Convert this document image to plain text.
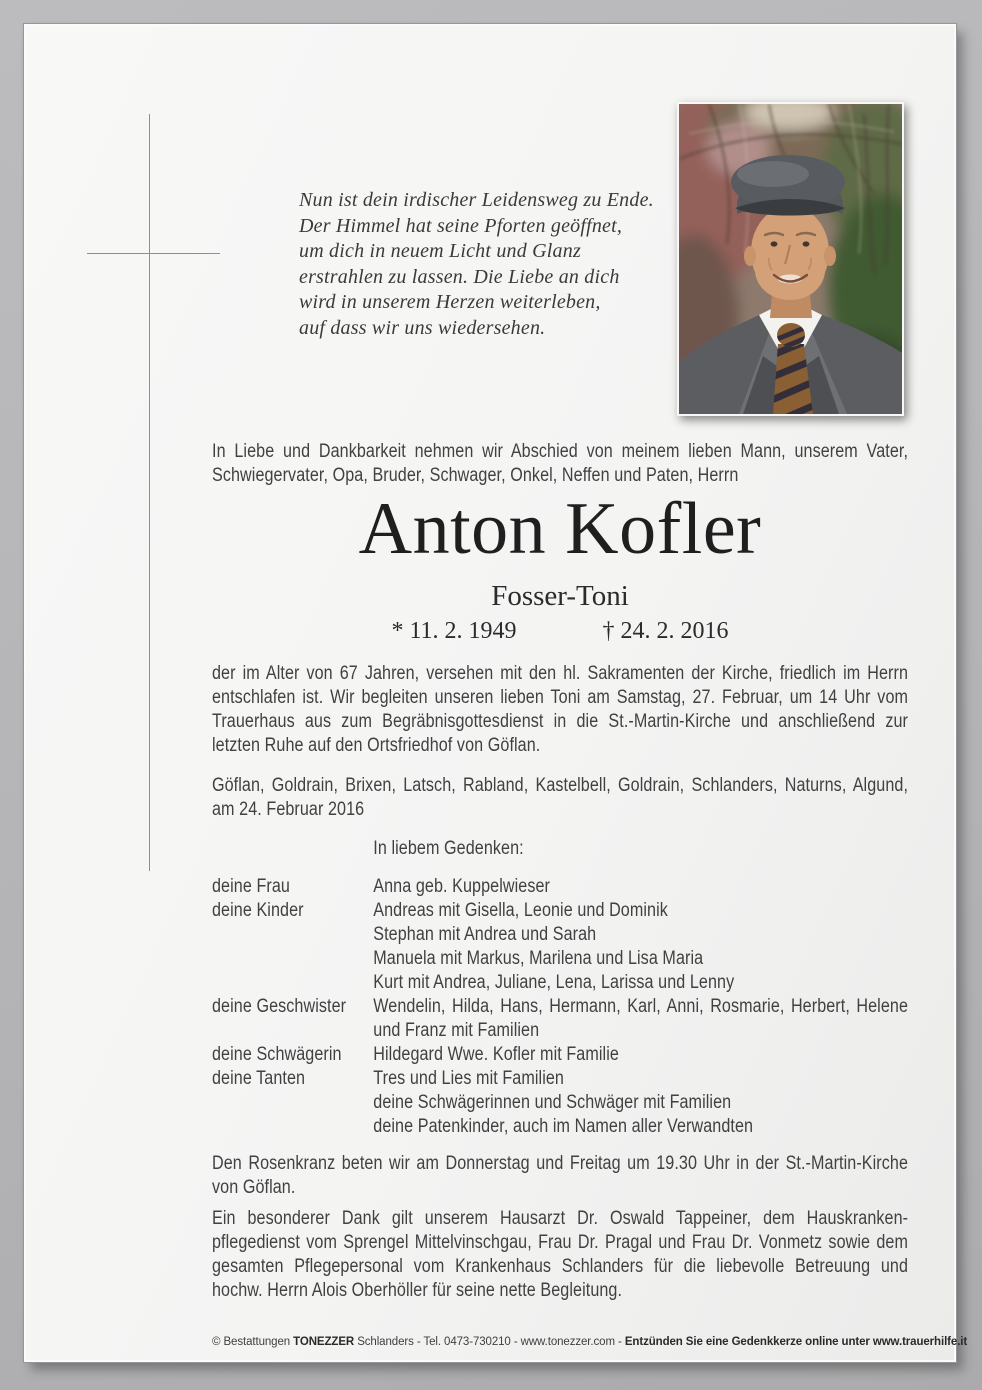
Nun ist dein irdischer Leidensweg zu Ende.
Der Himmel hat seine Pforten geöffnet,
um dich in neuem Licht und Glanz
erstrahlen zu lassen. Die Liebe an dich
wird in unserem Herzen weiterleben,
auf dass wir uns wiedersehen.

In Liebe und Dankbarkeit nehmen wir Abschied von meinem lieben Mann, unserem Vater, Schwiegervater, Opa, Bruder, Schwager, Onkel, Neffen und Paten, Herrn

Anton Kofler
Fosser-Toni
* 11. 2. 1949	† 24. 2. 2016

der im Alter von 67 Jahren, versehen mit den hl. Sakramenten der Kirche, friedlich im Herrn entschlafen ist. Wir begleiten unseren lieben Toni am Samstag, 27. Februar, um 14 Uhr vom Trauerhaus aus zum Begräbnisgottesdienst in die St.-Martin-Kirche und anschließend zur letzten Ruhe auf den Ortsfriedhof von Göflan.

Göflan, Goldrain, Brixen, Latsch, Rabland, Kastelbell, Goldrain, Schlanders, Naturns, Algund, am 24. Februar 2016

In liebem Gedenken:
deine Frau	Anna geb. Kuppelwieser
deine Kinder	Andreas mit Gisella, Leonie und Dominik
Stephan mit Andrea und Sarah
Manuela mit Markus, Marilena und Lisa Maria
Kurt mit Andrea, Juliane, Lena, Larissa und Lenny
deine Geschwister	Wendelin, Hilda, Hans, Hermann, Karl, Anni, Rosmarie, Herbert, Helene und Franz mit Familien
deine Schwägerin	Hildegard Wwe. Kofler mit Familie
deine Tanten	Tres und Lies mit Familien
deine Schwägerinnen und Schwäger mit Familien
deine Patenkinder, auch im Namen aller Verwandten

Den Rosenkranz beten wir am Donnerstag und Freitag um 19.30 Uhr in der St.-Martin-Kirche von Göflan.

Ein besonderer Dank gilt unserem Hausarzt Dr. Oswald Tappeiner, dem Hauskrankenpflegedienst vom Sprengel Mittelvinschgau, Frau Dr. Pragal und Frau Dr. Vonmetz sowie dem gesamten Pflegepersonal vom Krankenhaus Schlanders für die liebevolle Betreuung und hochw. Herrn Alois Oberhöller für seine nette Begleitung.

© Bestattungen TONEZZER Schlanders - Tel. 0473-730210 - www.tonezzer.com - Entzünden Sie eine Gedenkkerze online unter www.trauerhilfe.it
